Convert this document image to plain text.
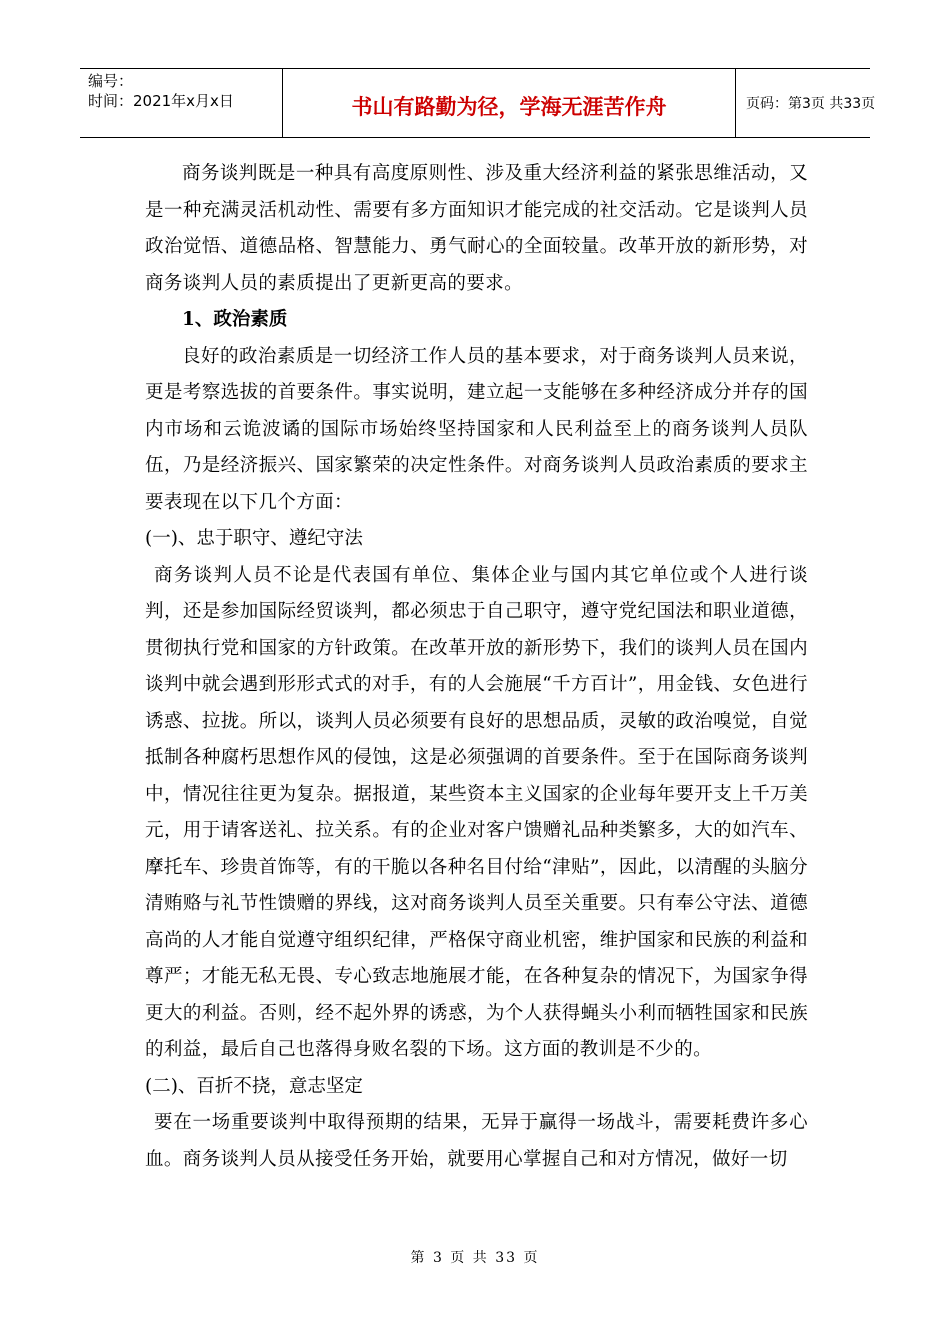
编号：
时间：2021年x月x日	书山有路勤为径，学海无涯苦作舟	页码：第3页 共33页

商务谈判既是一种具有高度原则性、涉及重大经济利益的紧张思维活动，又是一种充满灵活机动性、需要有多方面知识才能完成的社交活动。它是谈判人员政治觉悟、道德品格、智慧能力、勇气耐心的全面较量。改革开放的新形势，对商务谈判人员的素质提出了更新更高的要求。

1、政治素质

良好的政治素质是一切经济工作人员的基本要求，对于商务谈判人员来说，更是考察选拔的首要条件。事实说明，建立起一支能够在多种经济成分并存的国内市场和云诡波谲的国际市场始终坚持国家和人民利益至上的商务谈判人员队伍，乃是经济振兴、国家繁荣的决定性条件。对商务谈判人员政治素质的要求主要表现在以下几个方面：

(一)、忠于职守、遵纪守法

商务谈判人员不论是代表国有单位、集体企业与国内其它单位或个人进行谈判，还是参加国际经贸谈判，都必须忠于自己职守，遵守党纪国法和职业道德，贯彻执行党和国家的方针政策。在改革开放的新形势下，我们的谈判人员在国内谈判中就会遇到形形式式的对手，有的人会施展“千方百计”，用金钱、女色进行诱惑、拉拢。所以，谈判人员必须要有良好的思想品质，灵敏的政治嗅觉，自觉抵制各种腐朽思想作风的侵蚀，这是必须强调的首要条件。至于在国际商务谈判中，情况往往更为复杂。据报道，某些资本主义国家的企业每年要开支上千万美元，用于请客送礼、拉关系。有的企业对客户馈赠礼品种类繁多，大的如汽车、摩托车、珍贵首饰等，有的干脆以各种名目付给“津贴”，因此，以清醒的头脑分清贿赂与礼节性馈赠的界线，这对商务谈判人员至关重要。只有奉公守法、道德高尚的人才能自觉遵守组织纪律，严格保守商业机密，维护国家和民族的利益和尊严；才能无私无畏、专心致志地施展才能，在各种复杂的情况下，为国家争得更大的利益。否则，经不起外界的诱惑，为个人获得蝇头小利而牺牲国家和民族的利益，最后自己也落得身败名裂的下场。这方面的教训是不少的。

(二)、百折不挠，意志坚定

要在一场重要谈判中取得预期的结果，无异于赢得一场战斗，需要耗费许多心血。商务谈判人员从接受任务开始，就要用心掌握自己和对方情况，做好一切

第 3 页 共 33 页
